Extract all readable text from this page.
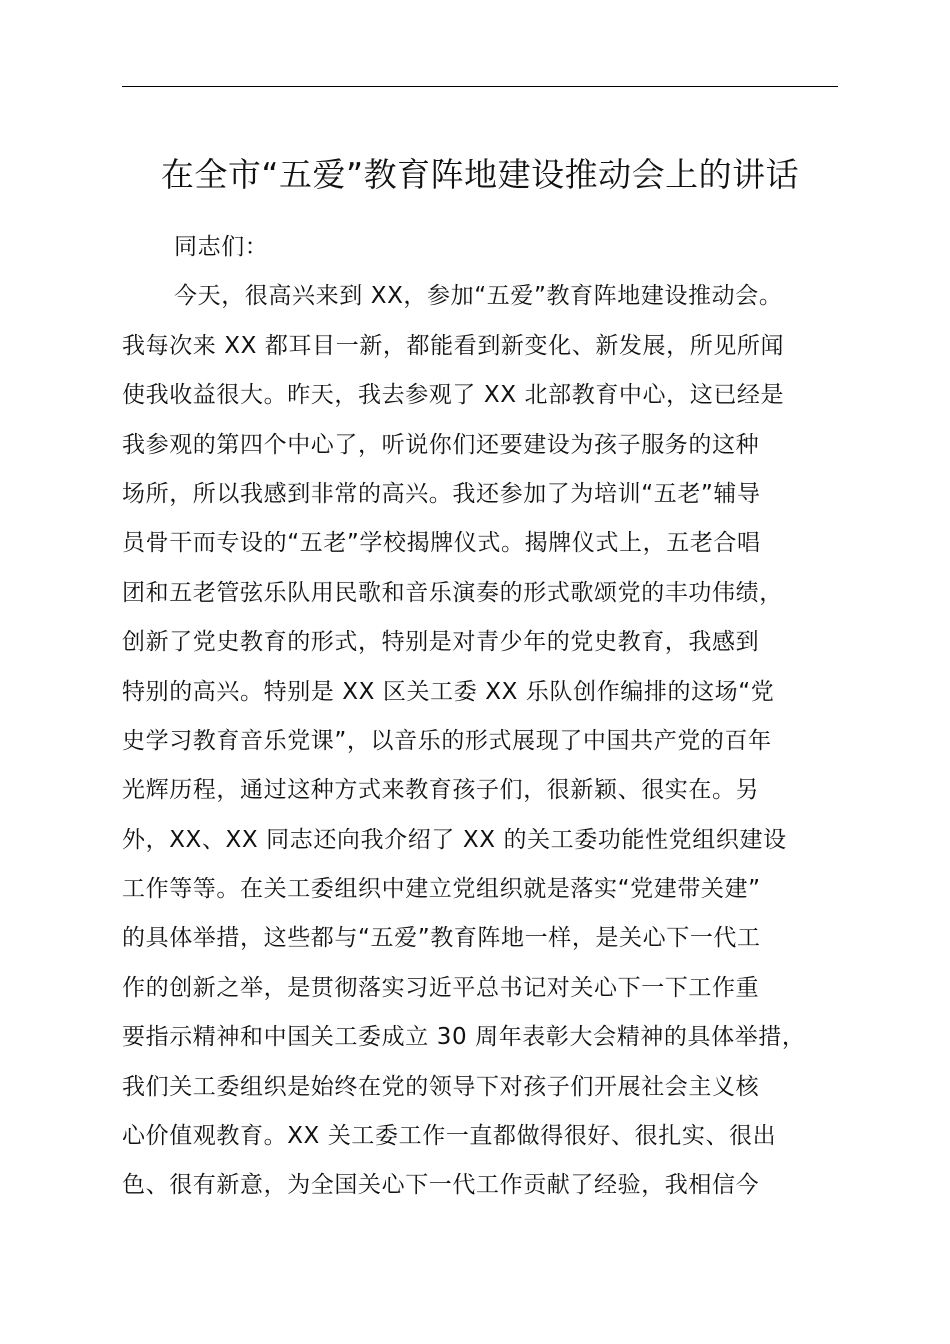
在全市“五爱”教育阵地建设推动会上的讲话
同志们：
今天，很高兴来到 XX，参加“五爱”教育阵地建设推动会。
我每次来 XX 都耳目一新，都能看到新变化、新发展，所见所闻
使我收益很大。昨天，我去参观了 XX 北部教育中心，这已经是
我参观的第四个中心了，听说你们还要建设为孩子服务的这种
场所，所以我感到非常的高兴。我还参加了为培训“五老”辅导
员骨干而专设的“五老”学校揭牌仪式。揭牌仪式上，五老合唱
团和五老管弦乐队用民歌和音乐演奏的形式歌颂党的丰功伟绩，
创新了党史教育的形式，特别是对青少年的党史教育，我感到
特别的高兴。特别是 XX 区关工委 XX 乐队创作编排的这场“党
史学习教育音乐党课”，以音乐的形式展现了中国共产党的百年
光辉历程，通过这种方式来教育孩子们，很新颖、很实在。另
外，XX、XX 同志还向我介绍了 XX 的关工委功能性党组织建设
工作等等。在关工委组织中建立党组织就是落实“党建带关建”
的具体举措，这些都与“五爱”教育阵地一样，是关心下一代工
作的创新之举，是贯彻落实习近平总书记对关心下一下工作重
要指示精神和中国关工委成立 30 周年表彰大会精神的具体举措，
我们关工委组织是始终在党的领导下对孩子们开展社会主义核
心价值观教育。XX 关工委工作一直都做得很好、很扎实、很出
色、很有新意，为全国关心下一代工作贡献了经验，我相信今
